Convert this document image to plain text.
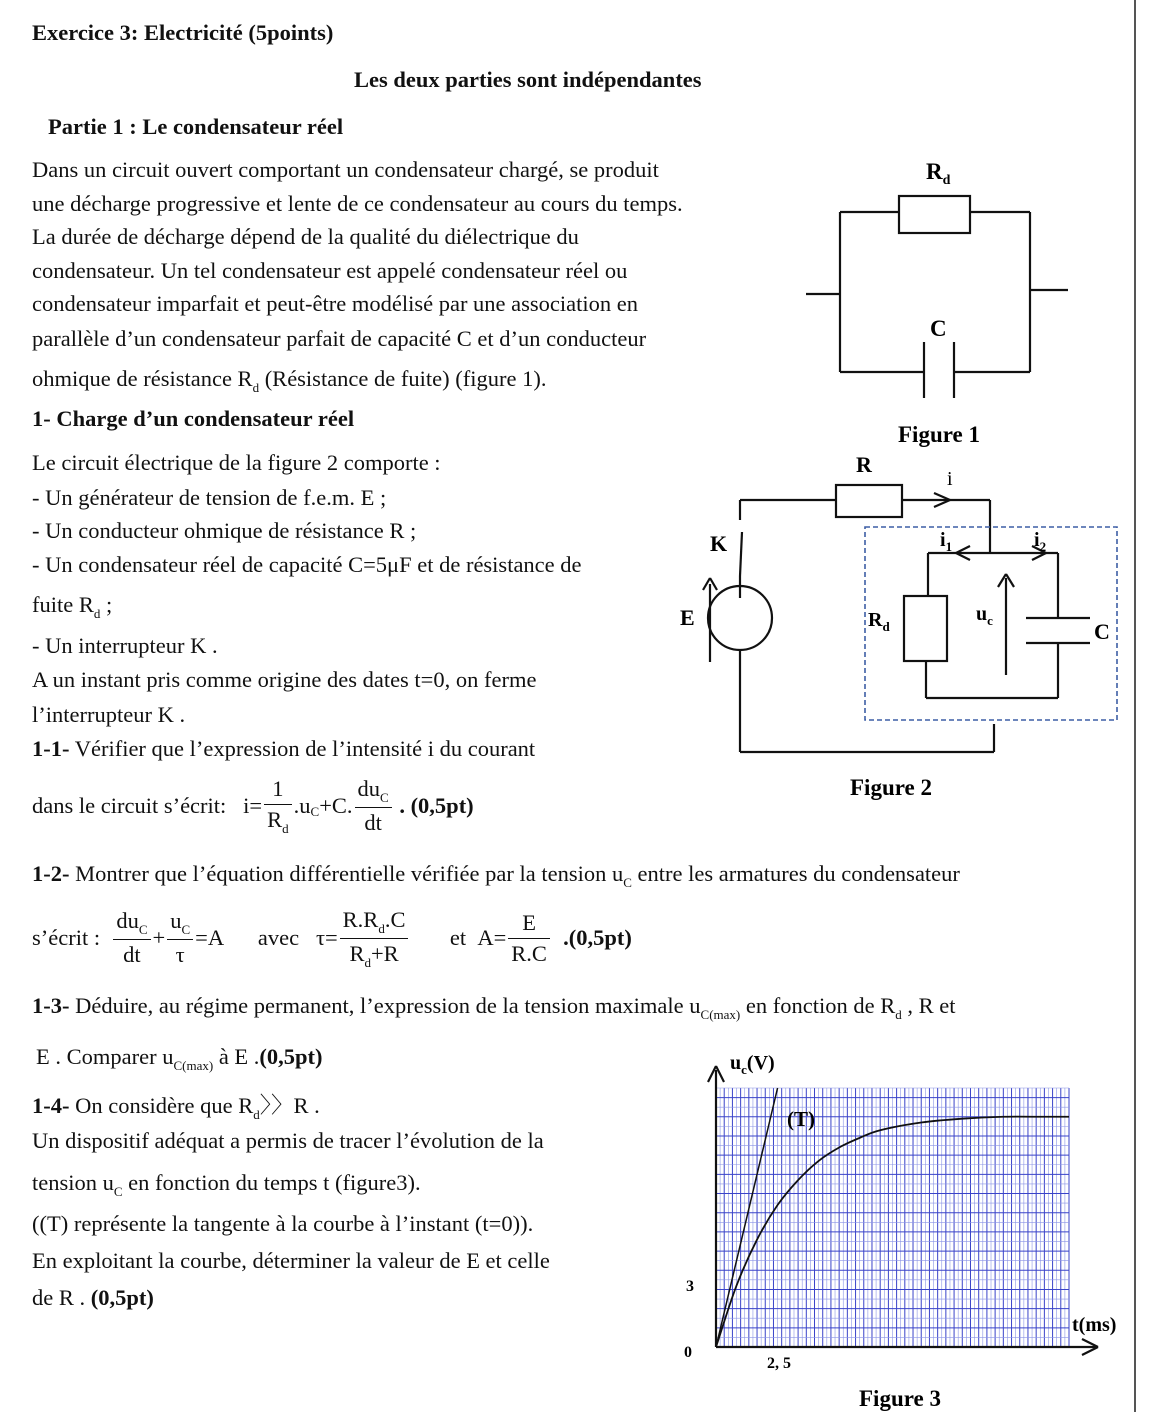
Exercice 3: Electricité (5points)
Les deux parties sont indépendantes
Partie 1 : Le condensateur réel
Dans un circuit ouvert comportant un condensateur chargé, se produit
une décharge progressive et lente de ce condensateur au cours du temps.
La durée de décharge dépend de la qualité du diélectrique du
condensateur. Un tel condensateur est appelé condensateur réel ou
condensateur imparfait et peut-être modélisé par une association en
parallèle d’un condensateur parfait de capacité C et d’un conducteur
ohmique de résistance $R_d$ (Résistance de fuite) (figure 1).
1- Charge d’un condensateur réel
Le circuit électrique de la figure 2 comporte :
- Un générateur de tension de f.e.m. E ;
- Un conducteur ohmique de résistance R ;
- Un condensateur réel de capacité C=5μF et de résistance de
fuite $R_d$ ;
- Un interrupteur K .
A un instant pris comme origine des dates t=0, on ferme
l’interrupteur K .
1-1- Vérifier que l’expression de l’intensité i du courant
dans le circuit s’écrit:
$i= \frac{1}{R_d} .u$ C +C. $\frac{du_C}{dt}$
. (0,5pt)
1-2- Montrer que l’équation différentielle vérifiée par la tension $u_C$ entre les armatures du condensateur
s’écrit :
$\frac{du_C}{dt} + \frac{u_C}{\tau} =A$
avec
$\tau= \frac{R.R_d.C}{R_d+R}$
et
$A= \frac{E}{R.C}$
.(0,5pt)
1-3- Déduire, au régime permanent, l’expression de la tension maximale $u_{C(max)}$ en fonction de $R_d$ , R et
E . Comparer $u_{C(max)}$ à E .(0,5pt)
1-4- On considère que $R_d$〉〉R .
Un dispositif adéquat a permis de tracer l’évolution de la
tension $u_C$ en fonction du temps t (figure3).
((T) représente la tangente à la courbe à l’instant (t=0)).
En exploitant la courbe, déterminer la valeur de E et celle
de R . (0,5pt)
$R_d$
C
Figure 1
R
i
K
E
$i_1$	$i_2$
$R_d$
$u_c$	C
Figure 2
$u_c(V)$
t(ms)
(T)
3
0
2, 5
Figure 3
